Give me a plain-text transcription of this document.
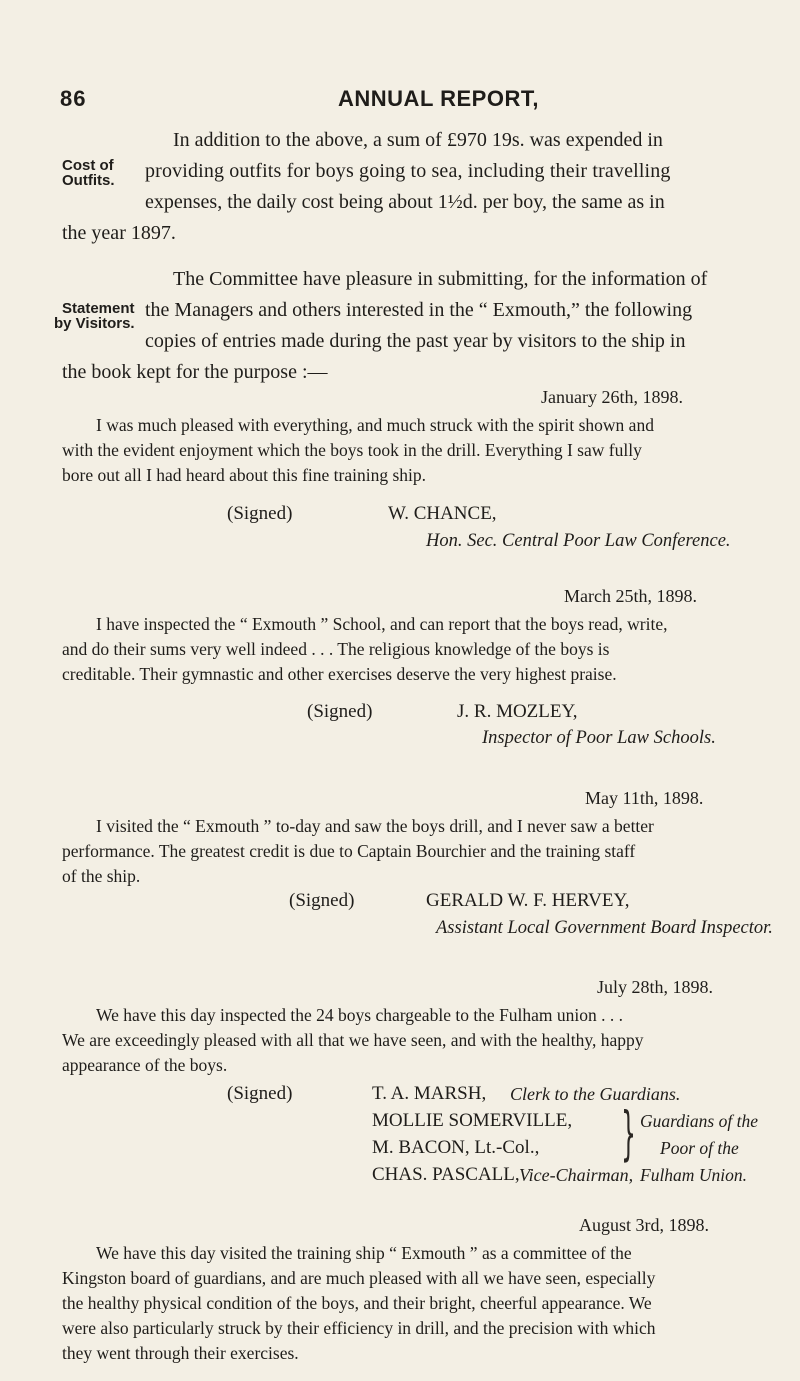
86	ANNUAL REPORT,
Cost of
Outfits.
Statement
by Visitors.
In addition to the above, a sum of £970 19s. was expended in
providing outfits for boys going to sea, including their travelling
expenses, the daily cost being about 1½d. per boy, the same as in
the year 1897.
The Committee have pleasure in submitting, for the information of
the Managers and others interested in the “ Exmouth,” the following
copies of entries made during the past year by visitors to the ship in
the book kept for the purpose :—
January 26th, 1898.
I was much pleased with everything, and much struck with the spirit shown and
with the evident enjoyment which the boys took in the drill. Everything I saw fully
bore out all I had heard about this fine training ship.
(Signed)	W. CHANCE,
Hon. Sec. Central Poor Law Conference.
March 25th, 1898.
I have inspected the “ Exmouth ” School, and can report that the boys read, write,
and do their sums very well indeed . . . The religious knowledge of the boys is
creditable. Their gymnastic and other exercises deserve the very highest praise.
(Signed)	J. R. MOZLEY,
Inspector of Poor Law Schools.
May 11th, 1898.
I visited the “ Exmouth ” to-day and saw the boys drill, and I never saw a better
performance. The greatest credit is due to Captain Bourchier and the training staff
of the ship.
(Signed)	GERALD W. F. HERVEY,
Assistant Local Government Board Inspector.
July 28th, 1898.
We have this day inspected the 24 boys chargeable to the Fulham union . . .
We are exceedingly pleased with all that we have seen, and with the healthy, happy
appearance of the boys.
(Signed)	T. A. MARSH, Clerk to the Guardians.
MOLLIE SOMERVILLE,
M. BACON, Lt.-Col.,
CHAS. PASCALL, Vice-Chairman,
} Guardians of the
Poor of the
Fulham Union.
August 3rd, 1898.
We have this day visited the training ship “ Exmouth ” as a committee of the
Kingston board of guardians, and are much pleased with all we have seen, especially
the healthy physical condition of the boys, and their bright, cheerful appearance. We
were also particularly struck by their efficiency in drill, and the precision with which
they went through their exercises.
